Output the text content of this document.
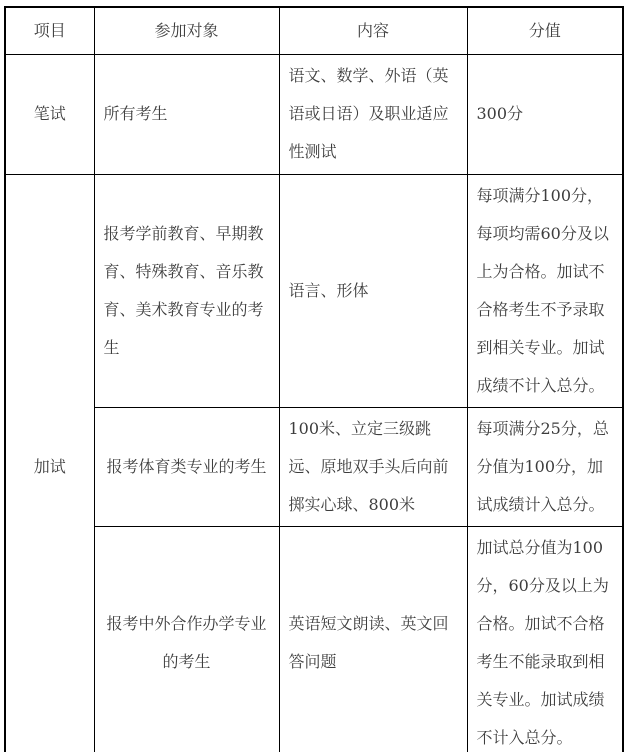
项目	参加对象	内容	分值
笔试	所有考生	语文、数学、外语（英语或日语）及职业适应性测试	300分
加试	报考学前教育、早期教育、特殊教育、音乐教育、美术教育专业的考生	语言、形体	每项满分100分，每项均需60分及以上为合格。加试不合格考生不予录取到相关专业。加试成绩不计入总分。
	报考体育类专业的考生	100米、立定三级跳远、原地双手头后向前掷实心球、800米	每项满分25分，总分值为100分，加试成绩计入总分。
	报考中外合作办学专业的考生	英语短文朗读、英文回答问题	加试总分值为100分，60分及以上为合格。加试不合格考生不能录取到相关专业。加试成绩不计入总分。
